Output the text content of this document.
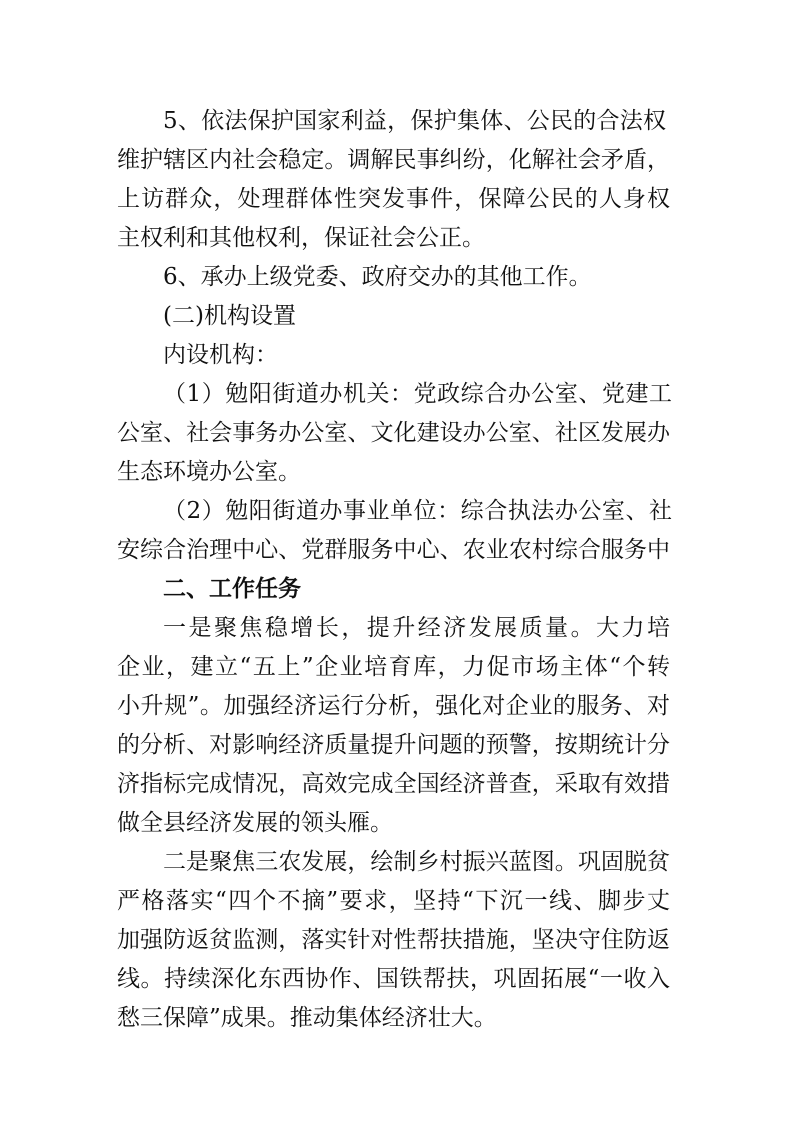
5、依法保护国家利益，保护集体、公民的合法权
维护辖区内社会稳定。调解民事纠纷，化解社会矛盾，
上访群众，处理群体性突发事件，保障公民的人身权
主权利和其他权利，保证社会公正。
6、承办上级党委、政府交办的其他工作。
(二)机构设置
内设机构：
（1）勉阳街道办机关：党政综合办公室、党建工
公室、社会事务办公室、文化建设办公室、社区发展办
生态环境办公室。
（2）勉阳街道办事业单位：综合执法办公室、社
安综合治理中心、党群服务中心、农业农村综合服务中
二、工作任务
一是聚焦稳增长，提升经济发展质量。大力培
企业，建立“五上”企业培育库，力促市场主体“个转
小升规”。加强经济运行分析，强化对企业的服务、对
的分析、对影响经济质量提升问题的预警，按期统计分
济指标完成情况，高效完成全国经济普查，采取有效措
做全县经济发展的领头雁。
二是聚焦三农发展，绘制乡村振兴蓝图。巩固脱贫
严格落实“四个不摘”要求，坚持“下沉一线、脚步丈
加强防返贫监测，落实针对性帮扶措施，坚决守住防返
线。持续深化东西协作、国铁帮扶，巩固拓展“一收入
愁三保障”成果。推动集体经济壮大。
